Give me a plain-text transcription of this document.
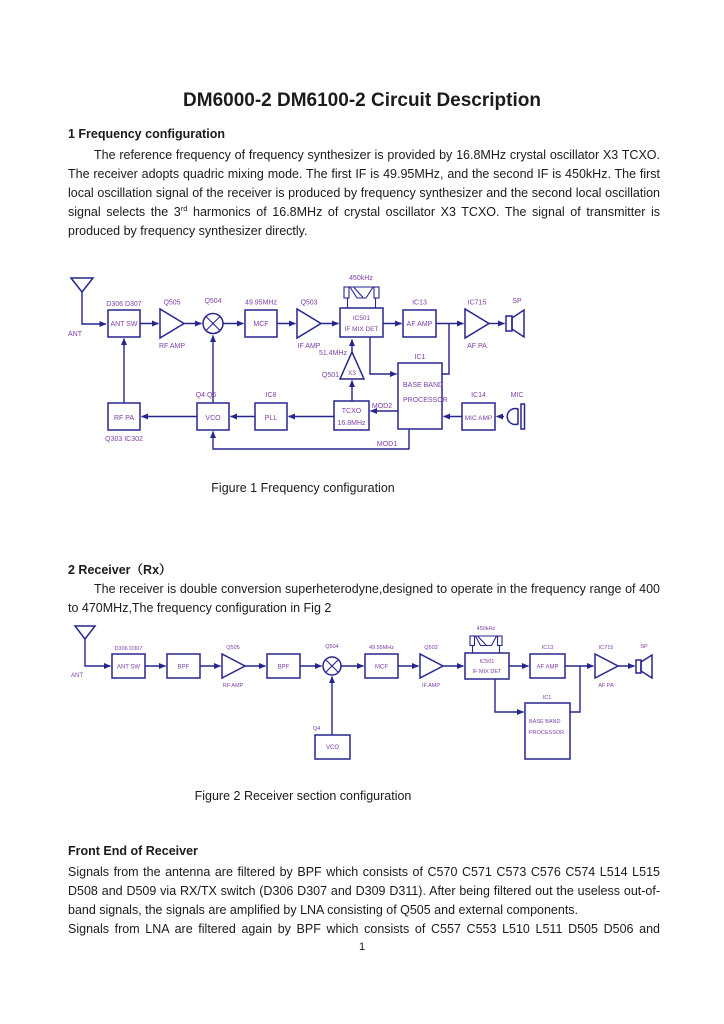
DM6000-2 DM6100-2 Circuit Description
1 Frequency configuration
The reference frequency of frequency synthesizer is provided by 16.8MHz crystal oscillator X3 TCXO. The receiver adopts quadric mixing mode. The first IF is 49.95MHz, and the second IF is 450kHz. The first local oscillation signal of the receiver is produced by frequency synthesizer and the second local oscillation signal selects the 3rd harmonics of 16.8MHz of crystal oscillator X3 TCXO. The signal of transmitter is produced by frequency synthesizer directly.
ANT
D306 D307
ANT SW
Q505
RF AMP
Q504	49.95MHz
MCF
Q503
IF AMP
IC501
IF MIX DET
450kHz
IC13
AF AMP
IC715
AF PA
SP
X3
51.4MHz
Q501
IC1
BASE BAND
PROCESSOR
RF PA
Q303 IC302
Q4 Q6
VCO
IC8
PLL
TCXO
16.8MHz
MOD2
MOD1
IC14
MIC AMP
MIC
Figure 1 Frequency configuration
2 Receiver（Rx）
The receiver is double conversion superheterodyne,designed to operate in the frequency range of 400 to 470MHz,The frequency configuration in Fig 2
ANT
D306 D307
ANT SW	BPF
Q505
RF AMP
BPF
Q504	49.95MHz
MCF
Q503
IF AMP
IC501
IF MIX DET
450kHz
IC13
AF AMP
IC715
AF PA
SP
Q4
VCO
IC1
BASE BAND
PROCESSOR
Figure 2 Receiver section configuration
Front End of Receiver
Signals from the antenna are filtered by BPF which consists of C570 C571 C573 C576 C574 L514 L515 D508 and D509 via RX/TX switch (D306 D307 and D309 D311). After being filtered out the useless out-of-band signals, the signals are amplified by LNA consisting of Q505 and external components.
Signals from LNA are filtered again by BPF which consists of C557 C553 L510 L511 D505 D506 and
1
